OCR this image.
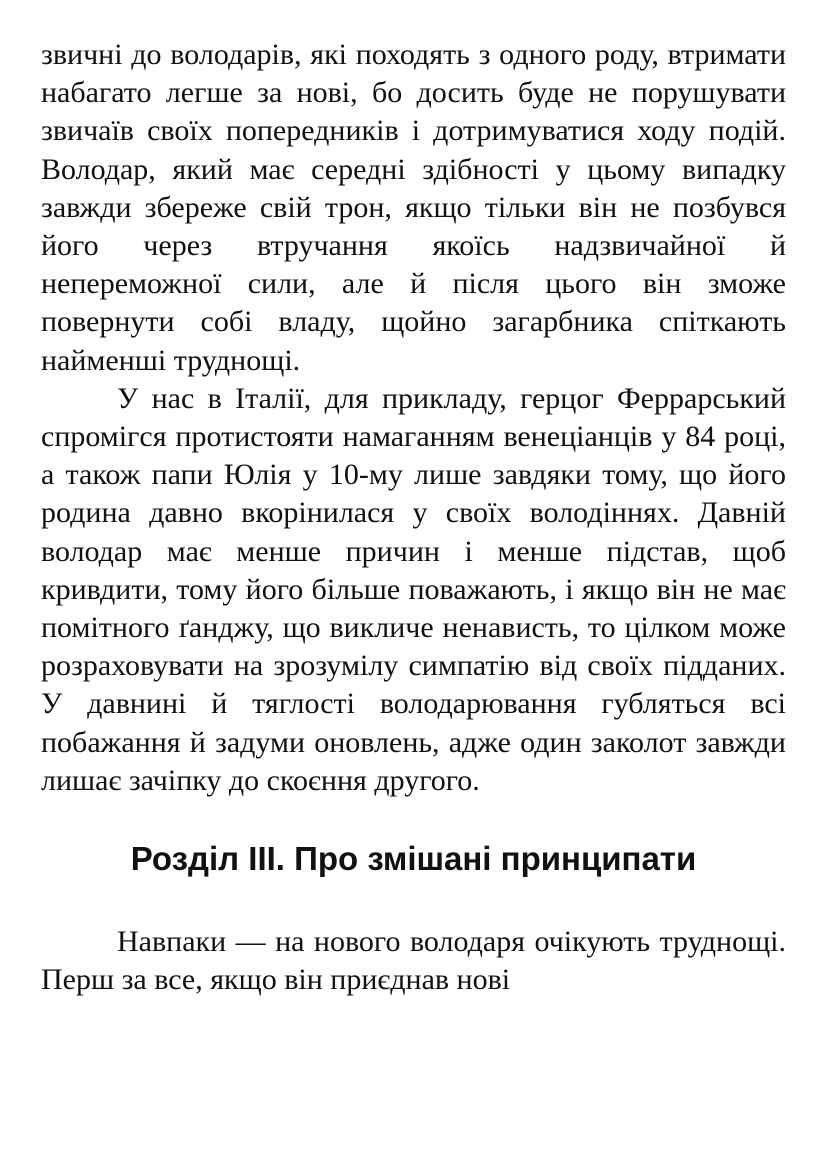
звичні до володарів, які походять з одного роду, втримати набагато легше за нові, бо досить буде не порушувати звичаїв своїх попередників і дотримуватися ходу подій. Володар, який має середні здібності у цьому випадку завжди збереже свій трон, якщо тільки він не позбувся його через втручання якоїсь надзвичайної й непереможної сили, але й після цього він зможе повернути собі владу, щойно загарбника спіткають найменші труднощі.

У нас в Італії, для прикладу, герцог Феррарський спромігся протистояти намаганням венеціанців у 84 році, а також папи Юлія у 10-му лише завдяки тому, що його родина давно вкорінилася у своїх володіннях. Давній володар має менше причин і менше підстав, щоб кривдити, тому його більше поважають, і якщо він не має помітного ґанджу, що викличе ненависть, то цілком може розраховувати на зрозумілу симпатію від своїх підданих. У давнині й тяглості володарювання губляться всі побажання й задуми оновлень, адже один заколот завжди лишає зачіпку до скоєння другого.

Розділ III. Про змішані принципати

Навпаки — на нового володаря очікують труднощі. Перш за все, якщо він приєднав нові
